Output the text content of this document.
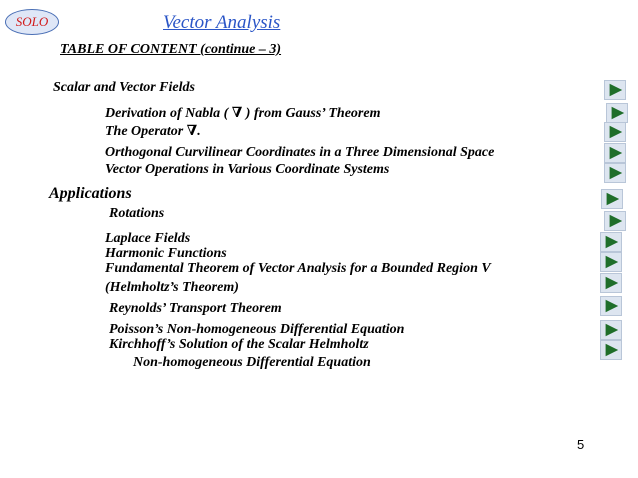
SOLO	Vector Analysis
TABLE OF CONTENT (continue – 3)
Scalar and Vector Fields
Derivation of Nabla ( ∇ ) from Gauss’ Theorem
The Operator ∇.
Orthogonal Curvilinear Coordinates in a Three Dimensional Space
Vector Operations in Various Coordinate Systems
Applications
Rotations
Laplace Fields
Harmonic Functions
Fundamental Theorem of Vector Analysis for a Bounded Region V
(Helmholtz’s Theorem)
Reynolds’ Transport Theorem
Poisson’s Non-homogeneous Differential Equation
Kirchhoff’s Solution of the Scalar Helmholtz
Non-homogeneous Differential Equation
5
